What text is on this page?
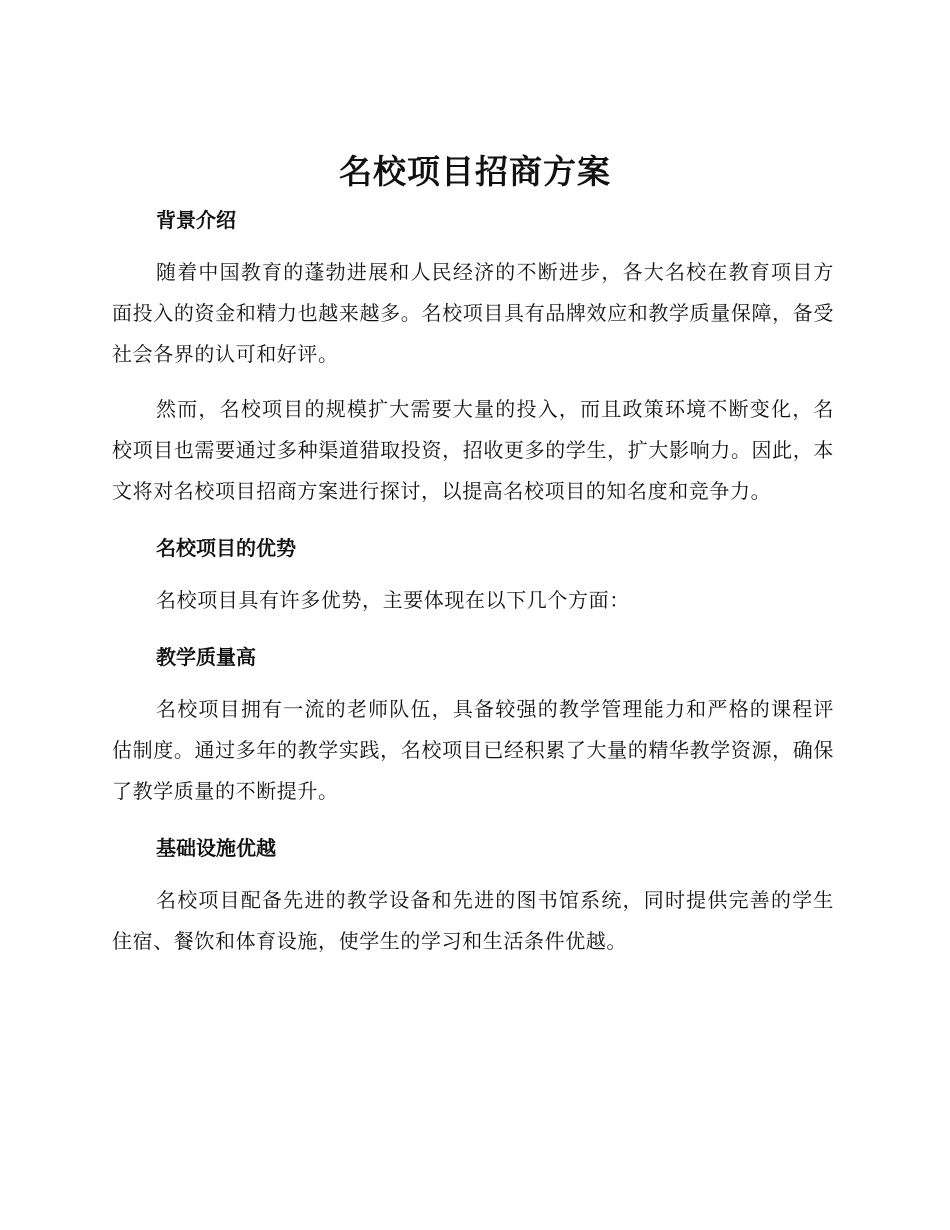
名校项目招商方案
背景介绍

随着中国教育的蓬勃进展和人民经济的不断进步，各大名校在教育项目方面投入的资金和精力也越来越多。名校项目具有品牌效应和教学质量保障，备受社会各界的认可和好评。

然而，名校项目的规模扩大需要大量的投入，而且政策环境不断变化，名校项目也需要通过多种渠道猎取投资，招收更多的学生，扩大影响力。因此，本文将对名校项目招商方案进行探讨，以提高名校项目的知名度和竞争力。

名校项目的优势

名校项目具有许多优势，主要体现在以下几个方面：

教学质量高

名校项目拥有一流的老师队伍，具备较强的教学管理能力和严格的课程评估制度。通过多年的教学实践，名校项目已经积累了大量的精华教学资源，确保了教学质量的不断提升。

基础设施优越

名校项目配备先进的教学设备和先进的图书馆系统，同时提供完善的学生住宿、餐饮和体育设施，使学生的学习和生活条件优越。
